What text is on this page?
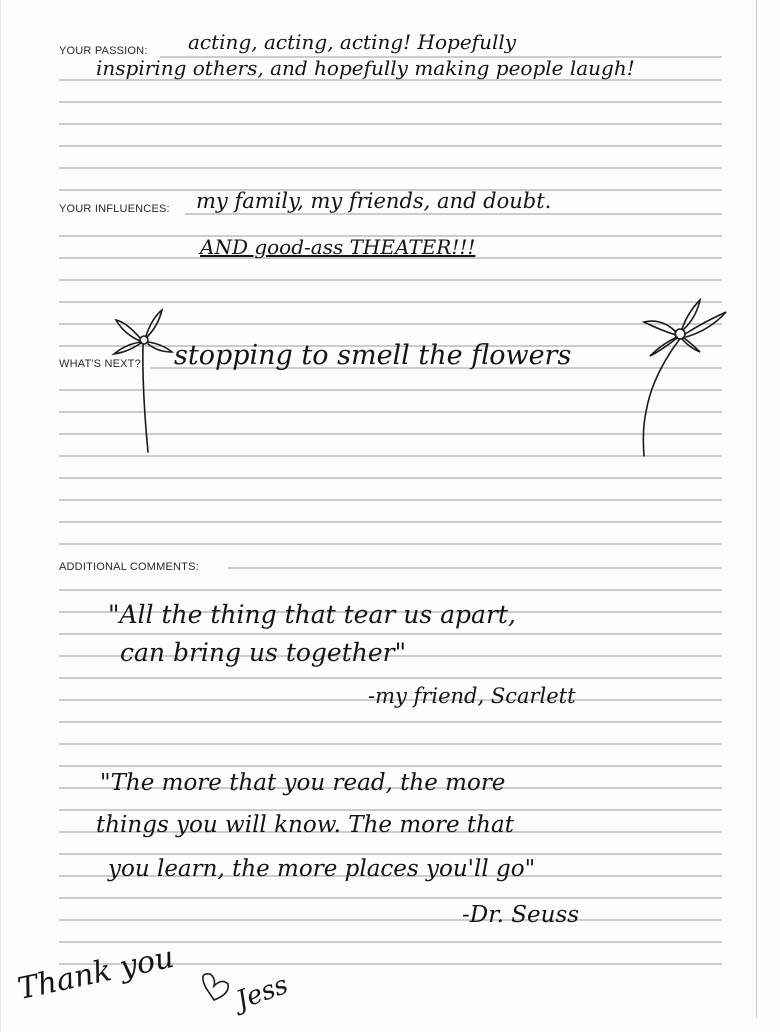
YOUR PASSION:
YOUR INFLUENCES:
WHAT'S NEXT?
ADDITIONAL COMMENTS:
acting, acting, acting! Hopefully
inspiring others, and hopefully making people laugh!
my family, my friends, and doubt.
AND good-ass THEATER!!!
stopping to smell the flowers
"All the thing that tear us apart,
can bring us together"
-my friend, Scarlett
"The more that you read, the more
things you will know. The more that
you learn, the more places you'll go"
-Dr. Seuss
Thank you Jess
